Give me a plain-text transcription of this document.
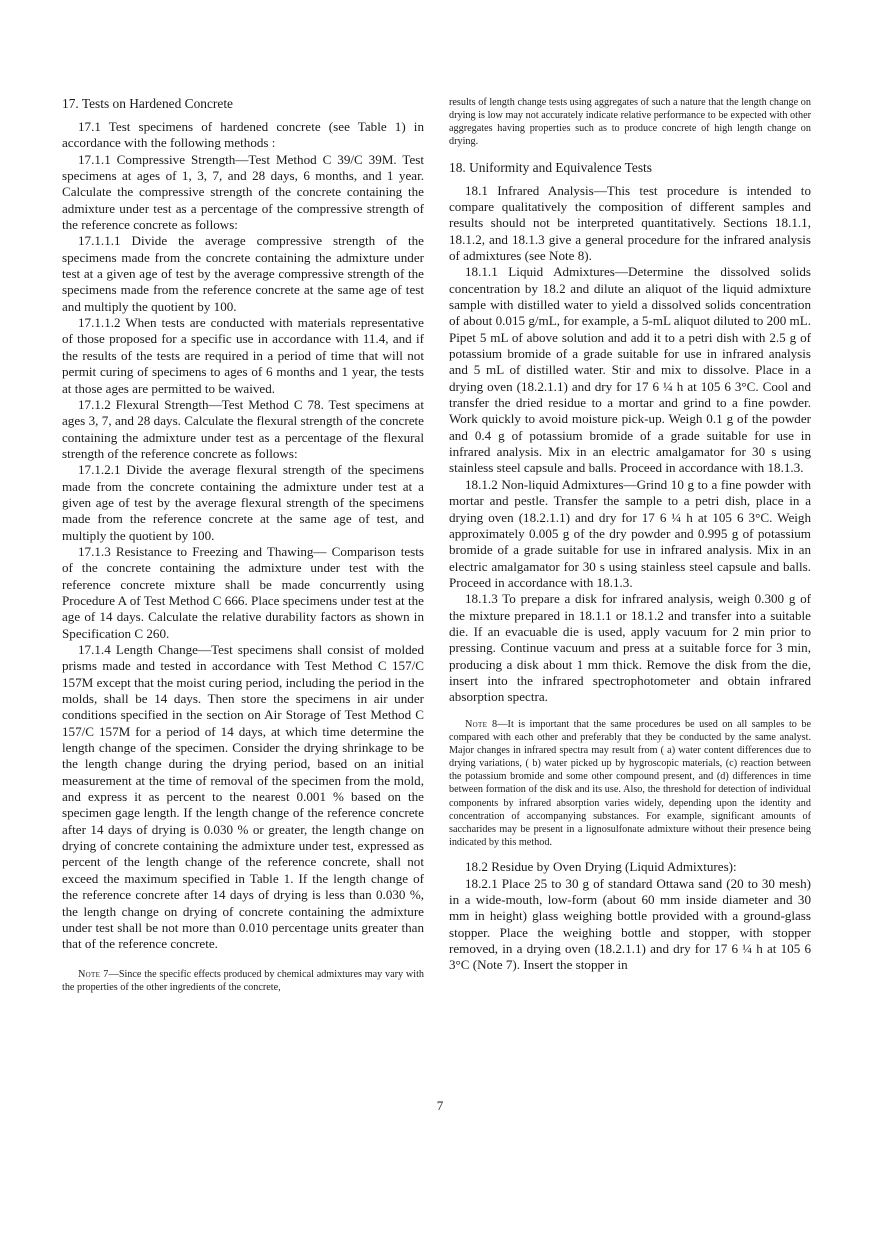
17. Tests on Hardened Concrete

17.1 Test specimens of hardened concrete (see Table 1) in accordance with the following methods :

17.1.1 Compressive Strength—Test Method C 39/C 39M. Test specimens at ages of 1, 3, 7, and 28 days, 6 months, and 1 year. Calculate the compressive strength of the concrete containing the admixture under test as a percentage of the compressive strength of the reference concrete as follows:

17.1.1.1 Divide the average compressive strength of the specimens made from the concrete containing the admixture under test at a given age of test by the average compressive strength of the specimens made from the reference concrete at the same age of test and multiply the quotient by 100.

17.1.1.2 When tests are conducted with materials representative of those proposed for a specific use in accordance with 11.4, and if the results of the tests are required in a period of time that will not permit curing of specimens to ages of 6 months and 1 year, the tests at those ages are permitted to be waived.

17.1.2 Flexural Strength—Test Method C 78. Test specimens at ages 3, 7, and 28 days. Calculate the flexural strength of the concrete containing the admixture under test as a percentage of the flexural strength of the reference concrete as follows:

17.1.2.1 Divide the average flexural strength of the specimens made from the concrete containing the admixture under test at a given age of test by the average flexural strength of the specimens made from the reference concrete at the same age of test, and multiply the quotient by 100.

17.1.3 Resistance to Freezing and Thawing— Comparison tests of the concrete containing the admixture under test with the reference concrete mixture shall be made concurrently using Procedure A of Test Method C 666. Place specimens under test at the age of 14 days. Calculate the relative durability factors as shown in Specification C 260.

17.1.4 Length Change—Test specimens shall consist of molded prisms made and tested in accordance with Test Method C 157/C 157M except that the moist curing period, including the period in the molds, shall be 14 days. Then store the specimens in air under conditions specified in the section on Air Storage of Test Method C 157/C 157M for a period of 14 days, at which time determine the length change of the specimen. Consider the drying shrinkage to be the length change during the drying period, based on an initial measurement at the time of removal of the specimen from the mold, and express it as percent to the nearest 0.001 % based on the specimen gage length. If the length change of the reference concrete after 14 days of drying is 0.030 % or greater, the length change on drying of concrete containing the admixture under test, expressed as percent of the length change of the reference concrete, shall not exceed the maximum specified in Table 1. If the length change of the reference concrete after 14 days of drying is less than 0.030 %, the length change on drying of concrete containing the admixture under test shall be not more than 0.010 percentage units greater than that of the reference concrete.

Note 7—Since the specific effects produced by chemical admixtures may vary with the properties of the other ingredients of the concrete,

results of length change tests using aggregates of such a nature that the length change on drying is low may not accurately indicate relative performance to be expected with other aggregates having properties such as to produce concrete of high length change on drying.

18. Uniformity and Equivalence Tests

18.1 Infrared Analysis—This test procedure is intended to compare qualitatively the composition of different samples and results should not be interpreted quantitatively. Sections 18.1.1, 18.1.2, and 18.1.3 give a general procedure for the infrared analysis of admixtures (see Note 8).

18.1.1 Liquid Admixtures—Determine the dissolved solids concentration by 18.2 and dilute an aliquot of the liquid admixture sample with distilled water to yield a dissolved solids concentration of about 0.015 g/mL, for example, a 5-mL aliquot diluted to 200 mL. Pipet 5 mL of above solution and add it to a petri dish with 2.5 g of potassium bromide of a grade suitable for use in infrared analysis and 5 mL of distilled water. Stir and mix to dissolve. Place in a drying oven (18.2.1.1) and dry for 17 6 ¼ h at 105 6 3°C. Cool and transfer the dried residue to a mortar and grind to a fine powder. Work quickly to avoid moisture pick-up. Weigh 0.1 g of the powder and 0.4 g of potassium bromide of a grade suitable for use in infrared analysis. Mix in an electric amalgamator for 30 s using stainless steel capsule and balls. Proceed in accordance with 18.1.3.

18.1.2 Non-liquid Admixtures—Grind 10 g to a fine powder with mortar and pestle. Transfer the sample to a petri dish, place in a drying oven (18.2.1.1) and dry for 17 6 ¼ h at 105 6 3°C. Weigh approximately 0.005 g of the dry powder and 0.995 g of potassium bromide of a grade suitable for use in infrared analysis. Mix in an electric amalgamator for 30 s using stainless steel capsule and balls. Proceed in accordance with 18.1.3.

18.1.3 To prepare a disk for infrared analysis, weigh 0.300 g of the mixture prepared in 18.1.1 or 18.1.2 and transfer into a suitable die. If an evacuable die is used, apply vacuum for 2 min prior to pressing. Continue vacuum and press at a suitable force for 3 min, producing a disk about 1 mm thick. Remove the disk from the die, insert into the infrared spectrophotometer and obtain infrared absorption spectra.

Note 8—It is important that the same procedures be used on all samples to be compared with each other and preferably that they be conducted by the same analyst. Major changes in infrared spectra may result from ( a) water content differences due to drying variations, ( b) water picked up by hygroscopic materials, (c) reaction between the potassium bromide and some other compound present, and (d) differences in time between formation of the disk and its use. Also, the threshold for detection of individual components by infrared absorption varies widely, depending upon the identity and concentration of accompanying substances. For example, significant amounts of saccharides may be present in a lignosulfonate admixture without their presence being indicated by this method.

18.2 Residue by Oven Drying (Liquid Admixtures):

18.2.1 Place 25 to 30 g of standard Ottawa sand (20 to 30 mesh) in a wide-mouth, low-form (about 60 mm inside diameter and 30 mm in height) glass weighing bottle provided with a ground-glass stopper. Place the weighing bottle and stopper, with stopper removed, in a drying oven (18.2.1.1) and dry for 17 6 ¼ h at 105 6 3°C (Note 7). Insert the stopper in

7
